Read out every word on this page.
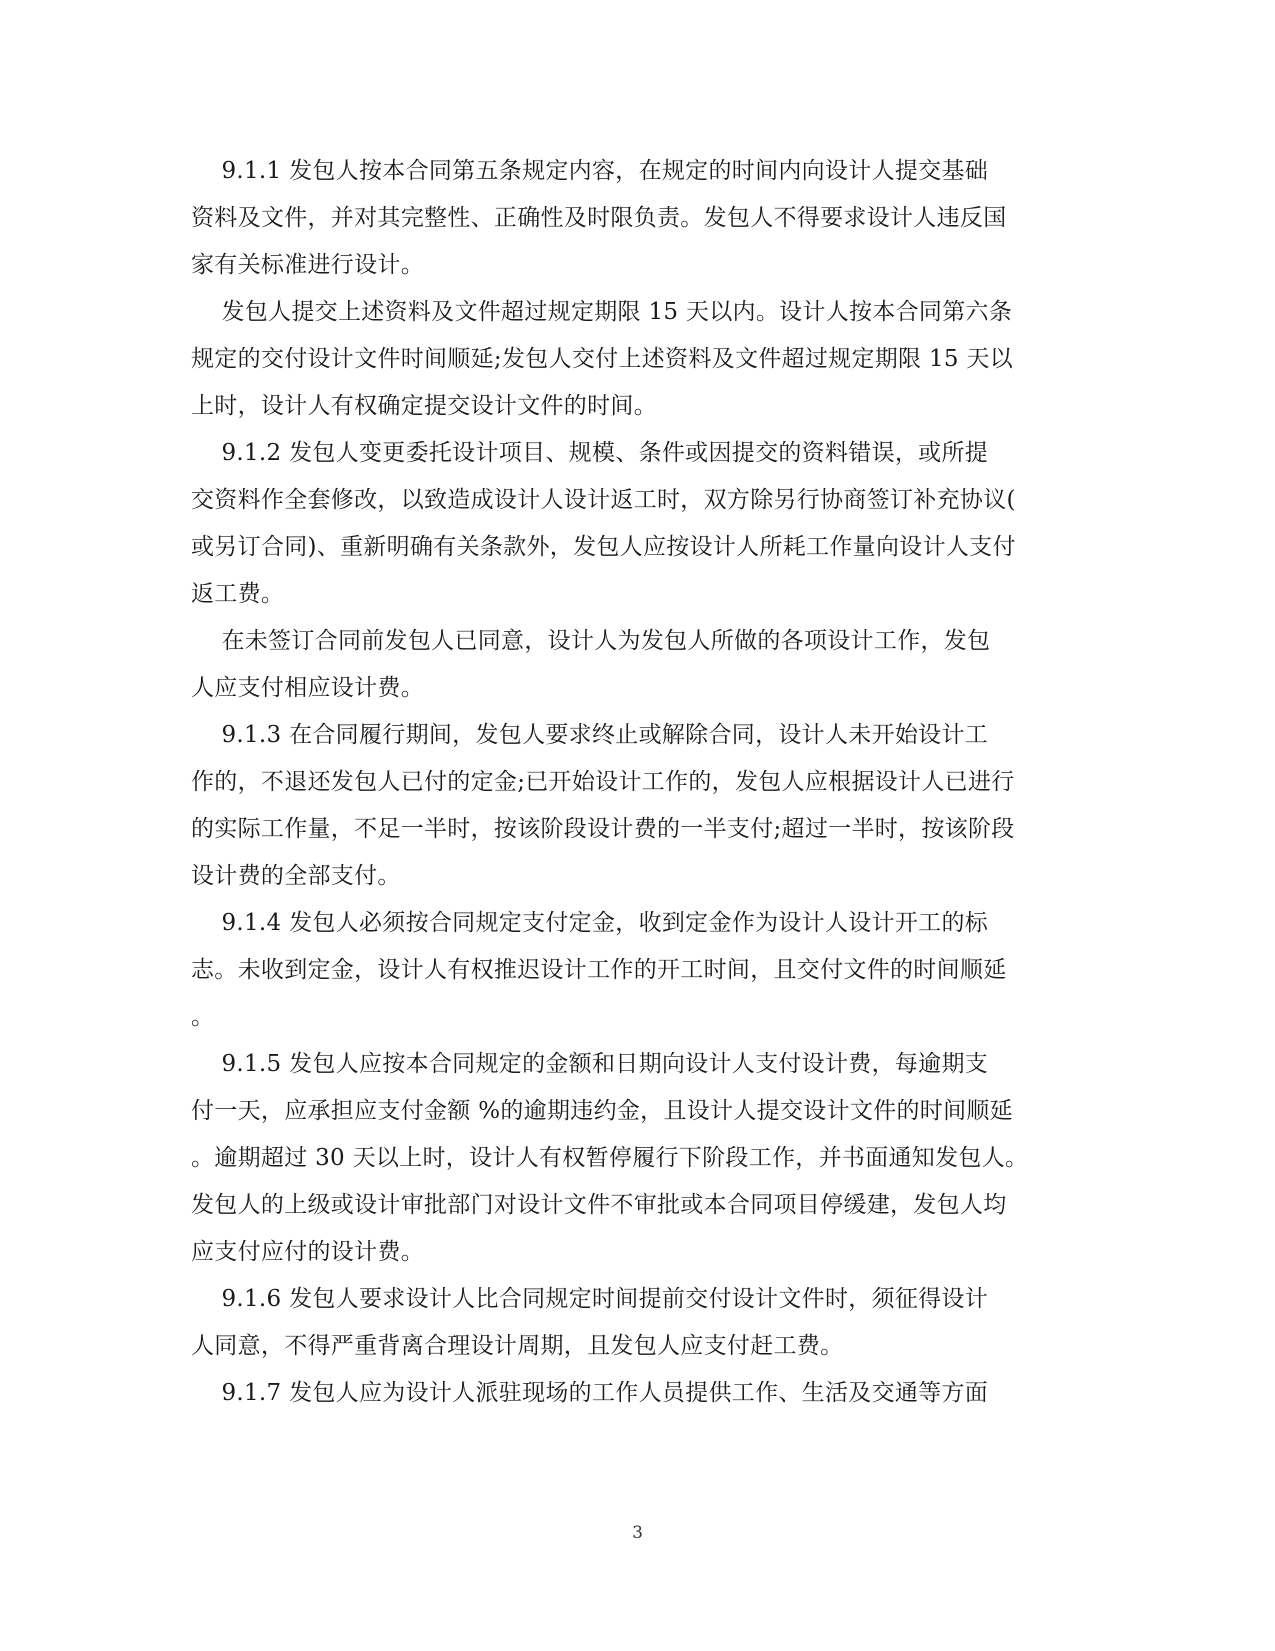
9.1.1 发包人按本合同第五条规定内容，在规定的时间内向设计人提交基础
资料及文件，并对其完整性、正确性及时限负责。发包人不得要求设计人违反国
家有关标准进行设计。
发包人提交上述资料及文件超过规定期限 15 天以内。设计人按本合同第六条
规定的交付设计文件时间顺延;发包人交付上述资料及文件超过规定期限 15 天以
上时，设计人有权确定提交设计文件的时间。
9.1.2 发包人变更委托设计项目、规模、条件或因提交的资料错误，或所提
交资料作全套修改，以致造成设计人设计返工时，双方除另行协商签订补充协议(
或另订合同)、重新明确有关条款外，发包人应按设计人所耗工作量向设计人支付
返工费。
在未签订合同前发包人已同意，设计人为发包人所做的各项设计工作，发包
人应支付相应设计费。
9.1.3 在合同履行期间，发包人要求终止或解除合同，设计人未开始设计工
作的，不退还发包人已付的定金;已开始设计工作的，发包人应根据设计人已进行
的实际工作量，不足一半时，按该阶段设计费的一半支付;超过一半时，按该阶段
设计费的全部支付。
9.1.4 发包人必须按合同规定支付定金，收到定金作为设计人设计开工的标
志。未收到定金，设计人有权推迟设计工作的开工时间，且交付文件的时间顺延
。
9.1.5 发包人应按本合同规定的金额和日期向设计人支付设计费，每逾期支
付一天，应承担应支付金额 %的逾期违约金，且设计人提交设计文件的时间顺延
。逾期超过 30 天以上时，设计人有权暂停履行下阶段工作，并书面通知发包人。
发包人的上级或设计审批部门对设计文件不审批或本合同项目停缓建，发包人均
应支付应付的设计费。
9.1.6 发包人要求设计人比合同规定时间提前交付设计文件时，须征得设计
人同意，不得严重背离合理设计周期，且发包人应支付赶工费。
9.1.7 发包人应为设计人派驻现场的工作人员提供工作、生活及交通等方面
3
